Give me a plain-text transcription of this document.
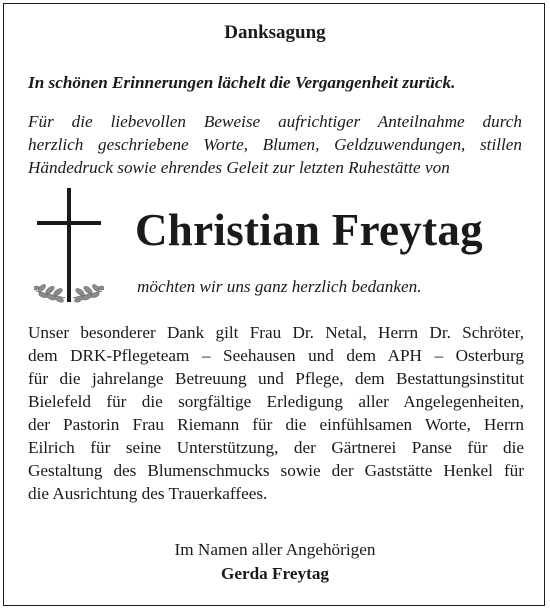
Danksagung
In schönen Erinnerungen lächelt die Vergangenheit zurück.
Für die liebevollen Beweise aufrichtiger Anteilnahme durch
herzlich geschriebene Worte, Blumen, Geldzuwendungen, stillen
Händedruck sowie ehrendes Geleit zur letzten Ruhestätte von
Christian Freytag
möchten wir uns ganz herzlich bedanken.
Unser besonderer Dank gilt Frau Dr. Netal, Herrn Dr. Schröter,
dem DRK-Pflegeteam – Seehausen und dem APH – Osterburg
für die jahrelange Betreuung und Pflege, dem Bestattungsinstitut
Bielefeld für die sorgfältige Erledigung aller Angelegenheiten,
der Pastorin Frau Riemann für die einfühlsamen Worte, Herrn
Eilrich für seine Unterstützung, der Gärtnerei Panse für die
Gestaltung des Blumenschmucks sowie der Gaststätte Henkel für
die Ausrichtung des Trauerkaffees.
Im Namen aller Angehörigen
Gerda Freytag
